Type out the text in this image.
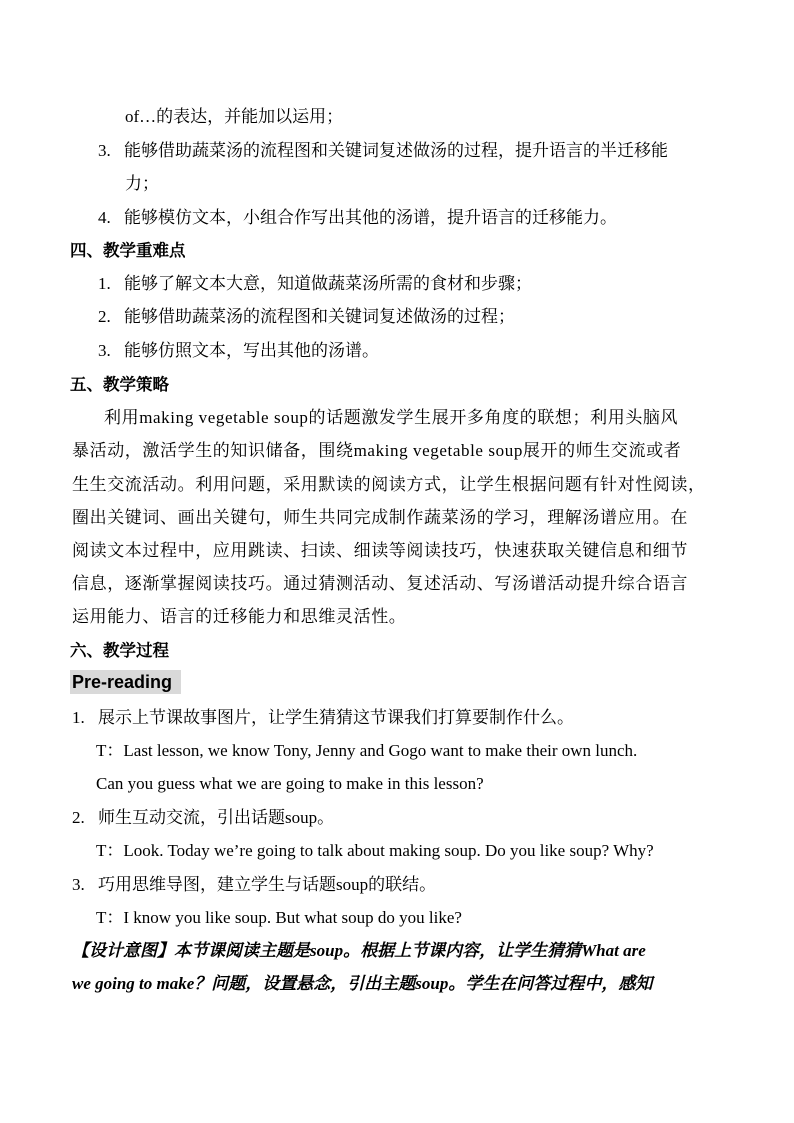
of…的表达，并能加以运用；
3. 能够借助蔬菜汤的流程图和关键词复述做汤的过程，提升语言的半迁移能
力；
4. 能够模仿文本，小组合作写出其他的汤谱，提升语言的迁移能力。
四、教学重难点
1. 能够了解文本大意，知道做蔬菜汤所需的食材和步骤；
2. 能够借助蔬菜汤的流程图和关键词复述做汤的过程；
3. 能够仿照文本，写出其他的汤谱。
五、教学策略
利用making vegetable soup的话题激发学生展开多角度的联想；利用头脑风
暴活动，激活学生的知识储备，围绕making vegetable soup展开的师生交流或者
生生交流活动。利用问题，采用默读的阅读方式，让学生根据问题有针对性阅读，
圈出关键词、画出关键句，师生共同完成制作蔬菜汤的学习，理解汤谱应用。在
阅读文本过程中，应用跳读、扫读、细读等阅读技巧，快速获取关键信息和细节
信息，逐渐掌握阅读技巧。通过猜测活动、复述活动、写汤谱活动提升综合语言
运用能力、语言的迁移能力和思维灵活性。
六、教学过程
Pre-reading
1. 展示上节课故事图片，让学生猜猜这节课我们打算要制作什么。
T：Last lesson, we know Tony, Jenny and Gogo want to make their own lunch.
Can you guess what we are going to make in this lesson?
2. 师生互动交流，引出话题soup。
T：Look. Today we’re going to talk about making soup. Do you like soup? Why?
3. 巧用思维导图，建立学生与话题soup的联结。
T：I know you like soup. But what soup do you like?
【设计意图】本节课阅读主题是soup。根据上节课内容，让学生猜猜What are
we going to make？问题，设置悬念，引出主题soup。学生在问答过程中，感知
